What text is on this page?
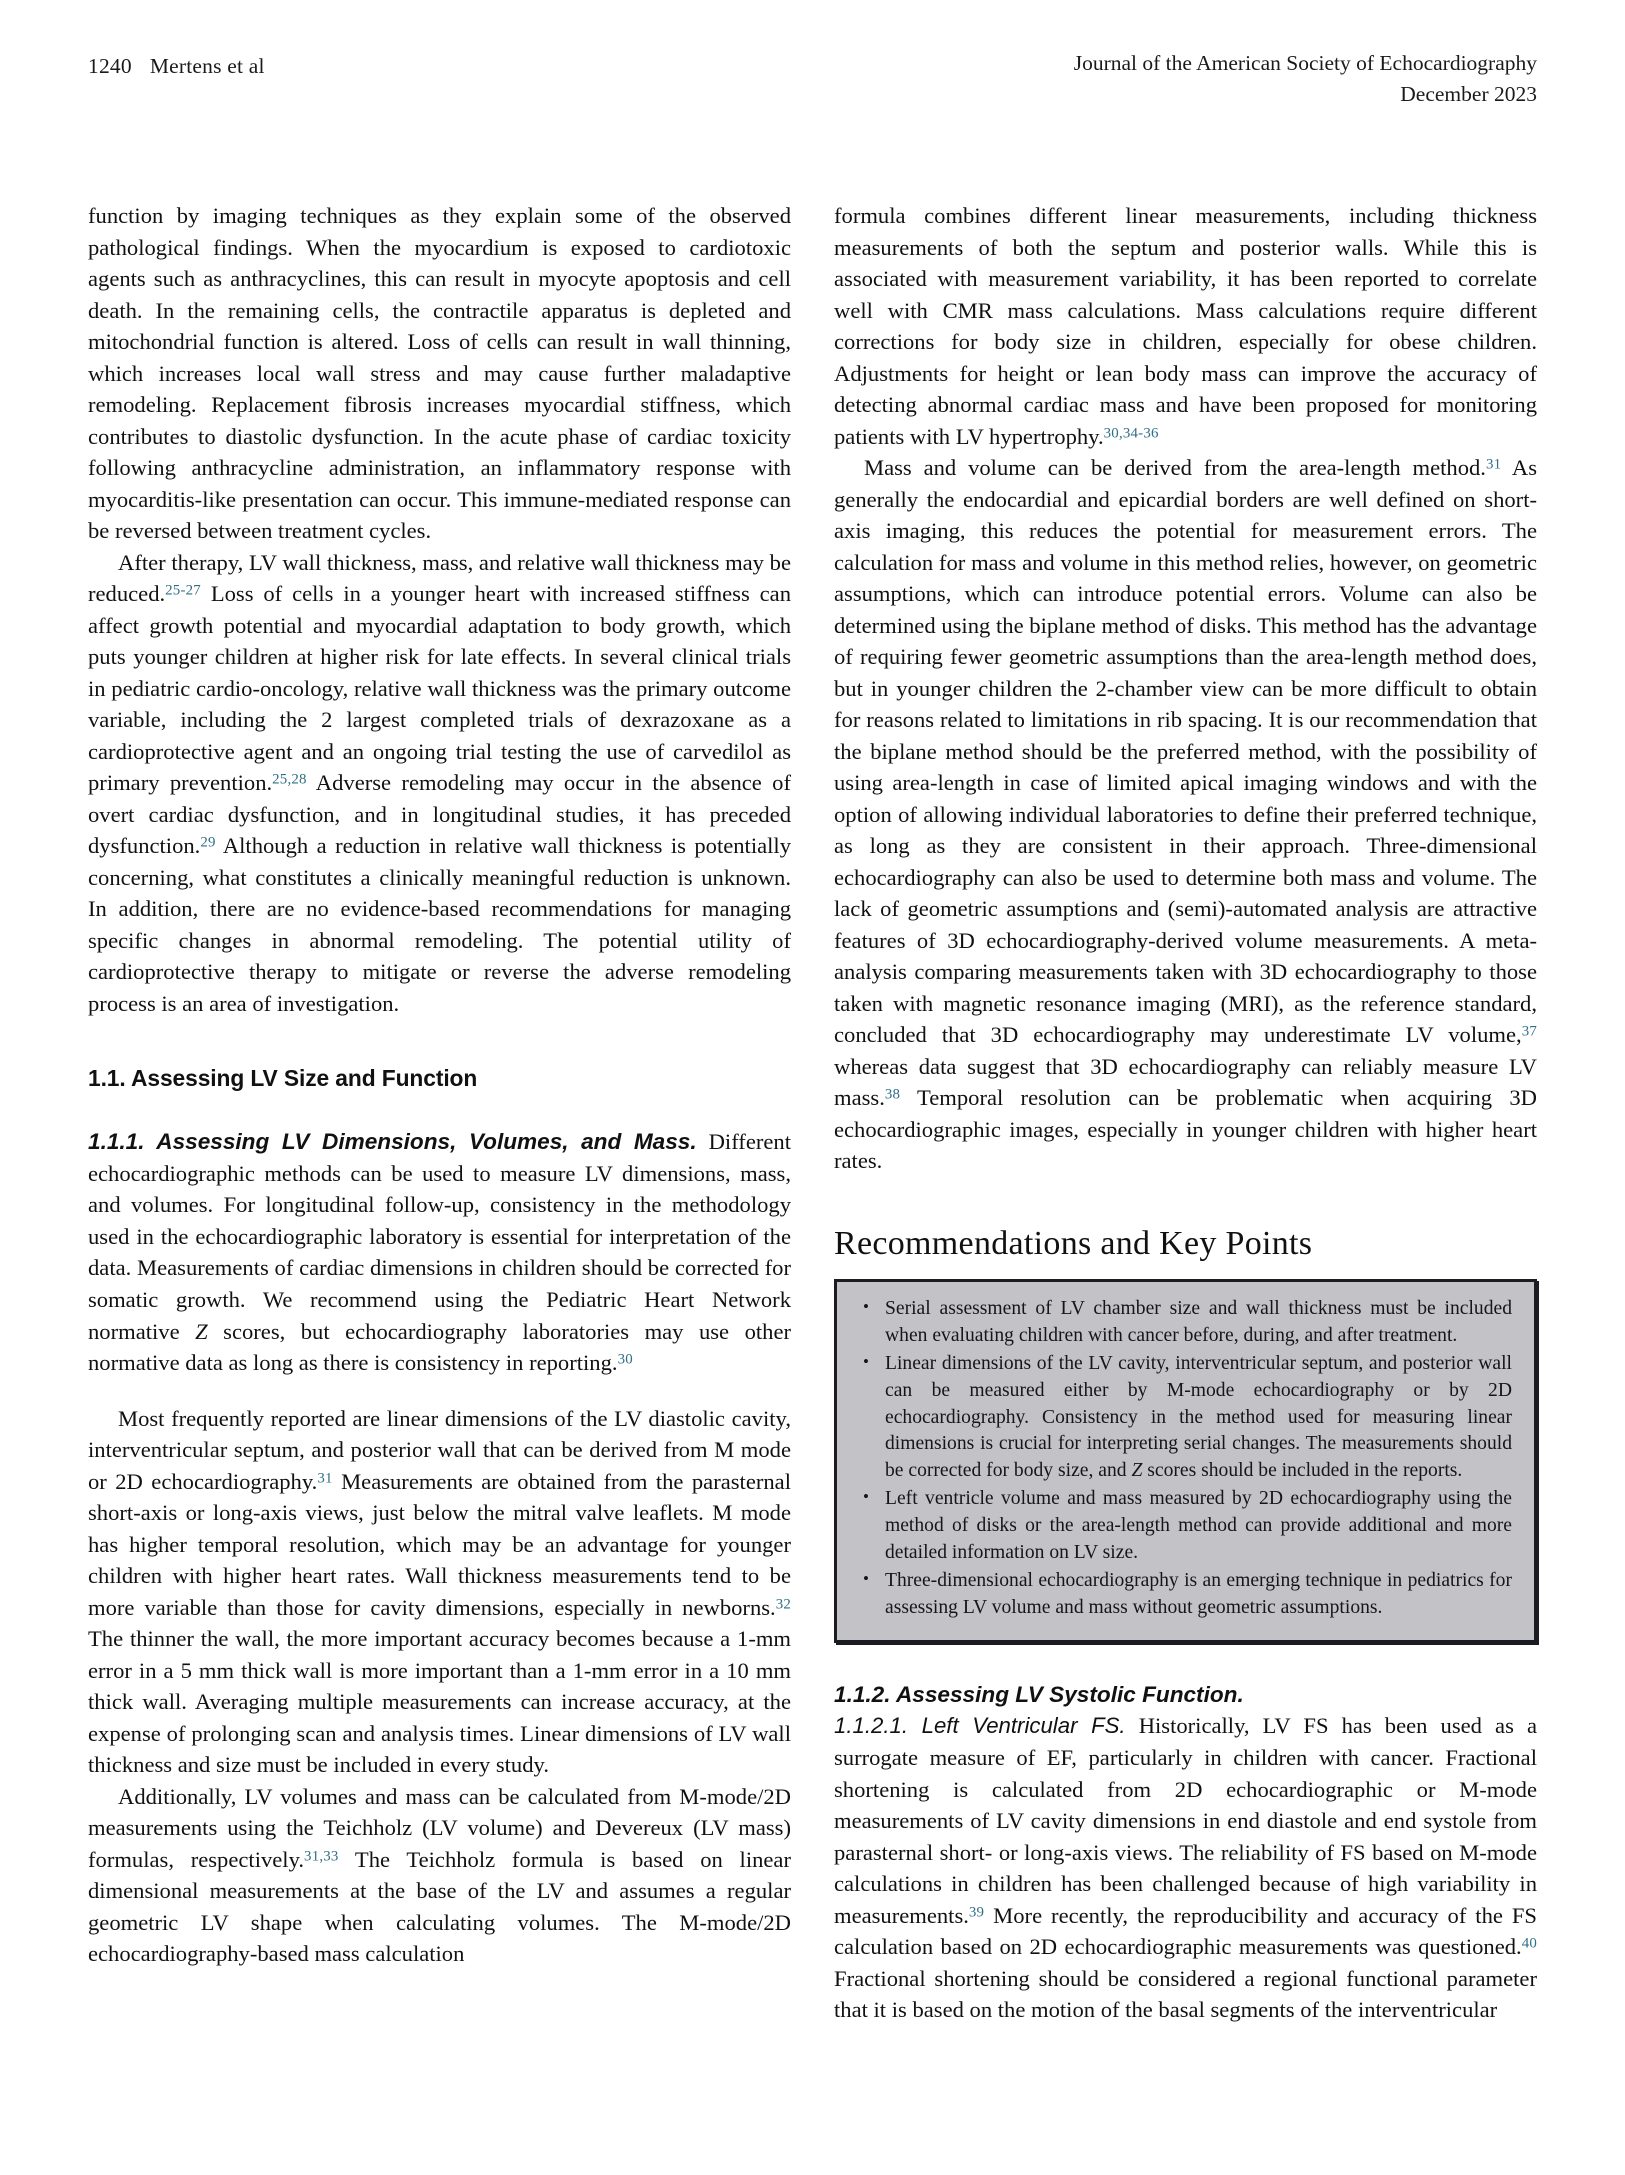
1240 Mertens et al	Journal of the American Society of Echocardiography
December 2023

function by imaging techniques as they explain some of the observed pathological findings. When the myocardium is exposed to cardiotoxic agents such as anthracyclines, this can result in myocyte apoptosis and cell death. In the remaining cells, the contractile apparatus is depleted and mitochondrial function is altered. Loss of cells can result in wall thinning, which increases local wall stress and may cause further maladaptive remodeling. Replacement fibrosis increases myocardial stiffness, which contributes to diastolic dysfunction. In the acute phase of cardiac toxicity following anthracycline administration, an inflammatory response with myocarditis-like presentation can occur. This immune-mediated response can be reversed between treatment cycles.

After therapy, LV wall thickness, mass, and relative wall thickness may be reduced.$^{25-27}$ Loss of cells in a younger heart with increased stiffness can affect growth potential and myocardial adaptation to body growth, which puts younger children at higher risk for late effects. In several clinical trials in pediatric cardio-oncology, relative wall thickness was the primary outcome variable, including the 2 largest completed trials of dexrazoxane as a cardioprotective agent and an ongoing trial testing the use of carvedilol as primary prevention.$^{25,28}$ Adverse remodeling may occur in the absence of overt cardiac dysfunction, and in longitudinal studies, it has preceded dysfunction.$^{29}$ Although a reduction in relative wall thickness is potentially concerning, what constitutes a clinically meaningful reduction is unknown. In addition, there are no evidence-based recommendations for managing specific changes in abnormal remodeling. The potential utility of cardioprotective therapy to mitigate or reverse the adverse remodeling process is an area of investigation.

1.1. Assessing LV Size and Function

1.1.1. Assessing LV Dimensions, Volumes, and Mass. Different echocardiographic methods can be used to measure LV dimensions, mass, and volumes. For longitudinal follow-up, consistency in the methodology used in the echocardiographic laboratory is essential for interpretation of the data. Measurements of cardiac dimensions in children should be corrected for somatic growth. We recommend using the Pediatric Heart Network normative Z scores, but echocardiography laboratories may use other normative data as long as there is consistency in reporting.$^{30}$

Most frequently reported are linear dimensions of the LV diastolic cavity, interventricular septum, and posterior wall that can be derived from M mode or 2D echocardiography.$^{31}$ Measurements are obtained from the parasternal short-axis or long-axis views, just below the mitral valve leaflets. M mode has higher temporal resolution, which may be an advantage for younger children with higher heart rates. Wall thickness measurements tend to be more variable than those for cavity dimensions, especially in newborns.$^{32}$ The thinner the wall, the more important accuracy becomes because a 1-mm error in a 5 mm thick wall is more important than a 1-mm error in a 10 mm thick wall. Averaging multiple measurements can increase accuracy, at the expense of prolonging scan and analysis times. Linear dimensions of LV wall thickness and size must be included in every study.

Additionally, LV volumes and mass can be calculated from M-mode/2D measurements using the Teichholz (LV volume) and Devereux (LV mass) formulas, respectively.$^{31,33}$ The Teichholz formula is based on linear dimensional measurements at the base of the LV and assumes a regular geometric LV shape when calculating volumes. The M-mode/2D echocardiography-based mass calculation

formula combines different linear measurements, including thickness measurements of both the septum and posterior walls. While this is associated with measurement variability, it has been reported to correlate well with CMR mass calculations. Mass calculations require different corrections for body size in children, especially for obese children. Adjustments for height or lean body mass can improve the accuracy of detecting abnormal cardiac mass and have been proposed for monitoring patients with LV hypertrophy.$^{30,34-36}$

Mass and volume can be derived from the area-length method.$^{31}$ As generally the endocardial and epicardial borders are well defined on short-axis imaging, this reduces the potential for measurement errors. The calculation for mass and volume in this method relies, however, on geometric assumptions, which can introduce potential errors. Volume can also be determined using the biplane method of disks. This method has the advantage of requiring fewer geometric assumptions than the area-length method does, but in younger children the 2-chamber view can be more difficult to obtain for reasons related to limitations in rib spacing. It is our recommendation that the biplane method should be the preferred method, with the possibility of using area-length in case of limited apical imaging windows and with the option of allowing individual laboratories to define their preferred technique, as long as they are consistent in their approach. Three-dimensional echocardiography can also be used to determine both mass and volume. The lack of geometric assumptions and (semi)-automated analysis are attractive features of 3D echocardiography-derived volume measurements. A meta-analysis comparing measurements taken with 3D echocardiography to those taken with magnetic resonance imaging (MRI), as the reference standard, concluded that 3D echocardiography may underestimate LV volume,$^{37}$ whereas data suggest that 3D echocardiography can reliably measure LV mass.$^{38}$ Temporal resolution can be problematic when acquiring 3D echocardiographic images, especially in younger children with higher heart rates.

Recommendations and Key Points
• Serial assessment of LV chamber size and wall thickness must be included when evaluating children with cancer before, during, and after treatment.
• Linear dimensions of the LV cavity, interventricular septum, and posterior wall can be measured either by M-mode echocardiography or by 2D echocardiography. Consistency in the method used for measuring linear dimensions is crucial for interpreting serial changes. The measurements should be corrected for body size, and Z scores should be included in the reports.
• Left ventricle volume and mass measured by 2D echocardiography using the method of disks or the area-length method can provide additional and more detailed information on LV size.
• Three-dimensional echocardiography is an emerging technique in pediatrics for assessing LV volume and mass without geometric assumptions.

1.1.2. Assessing LV Systolic Function.

1.1.2.1. Left Ventricular FS. Historically, LV FS has been used as a surrogate measure of EF, particularly in children with cancer. Fractional shortening is calculated from 2D echocardiographic or M-mode measurements of LV cavity dimensions in end diastole and end systole from parasternal short- or long-axis views. The reliability of FS based on M-mode calculations in children has been challenged because of high variability in measurements.$^{39}$ More recently, the reproducibility and accuracy of the FS calculation based on 2D echocardiographic measurements was questioned.$^{40}$ Fractional shortening should be considered a regional functional parameter that it is based on the motion of the basal segments of the interventricular
